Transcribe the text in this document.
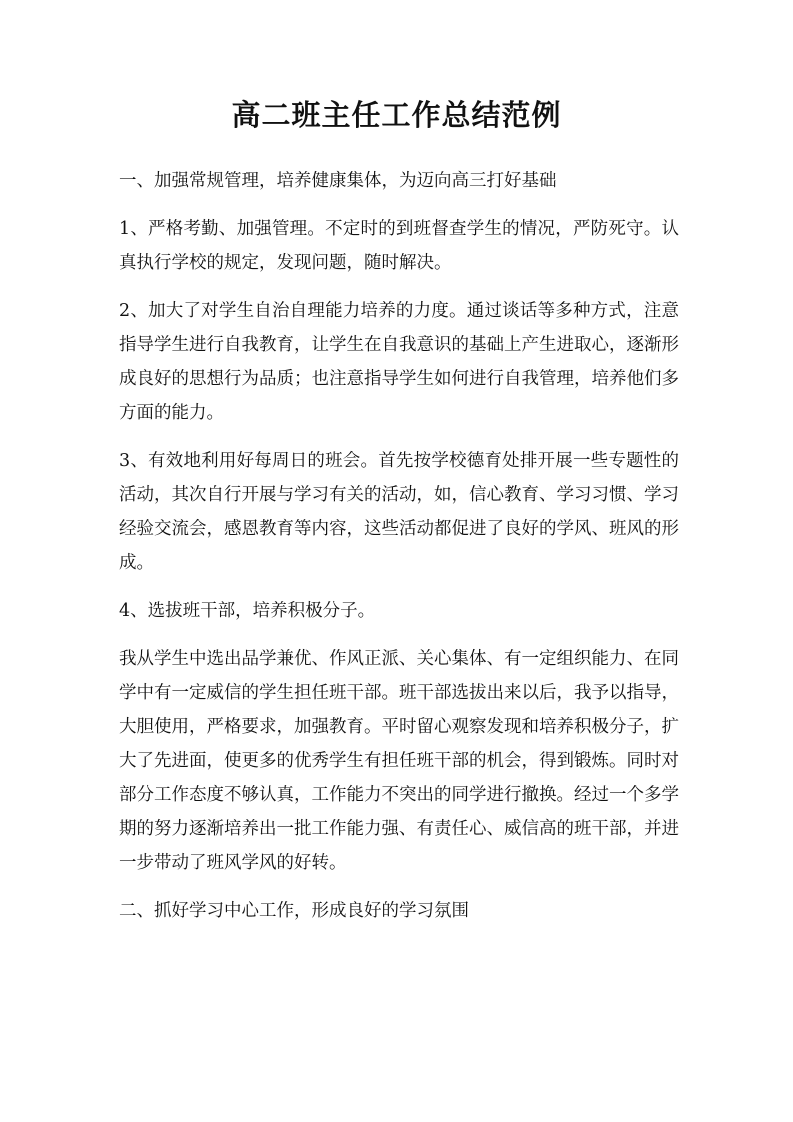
高二班主任工作总结范例

一、加强常规管理，培养健康集体，为迈向高三打好基础

1、严格考勤、加强管理。不定时的到班督查学生的情况，严防死守。认真执行学校的规定，发现问题，随时解决。

2、加大了对学生自治自理能力培养的力度。通过谈话等多种方式，注意指导学生进行自我教育，让学生在自我意识的基础上产生进取心，逐渐形成良好的思想行为品质；也注意指导学生如何进行自我管理，培养他们多方面的能力。

3、有效地利用好每周日的班会。首先按学校德育处排开展一些专题性的活动，其次自行开展与学习有关的活动，如，信心教育、学习习惯、学习经验交流会，感恩教育等内容，这些活动都促进了良好的学风、班风的形成。

4、选拔班干部，培养积极分子。

我从学生中选出品学兼优、作风正派、关心集体、有一定组织能力、在同学中有一定威信的学生担任班干部。班干部选拔出来以后，我予以指导，大胆使用，严格要求，加强教育。平时留心观察发现和培养积极分子，扩大了先进面，使更多的优秀学生有担任班干部的机会，得到锻炼。同时对部分工作态度不够认真，工作能力不突出的同学进行撤换。经过一个多学期的努力逐渐培养出一批工作能力强、有责任心、威信高的班干部，并进一步带动了班风学风的好转。

二、抓好学习中心工作，形成良好的学习氛围
